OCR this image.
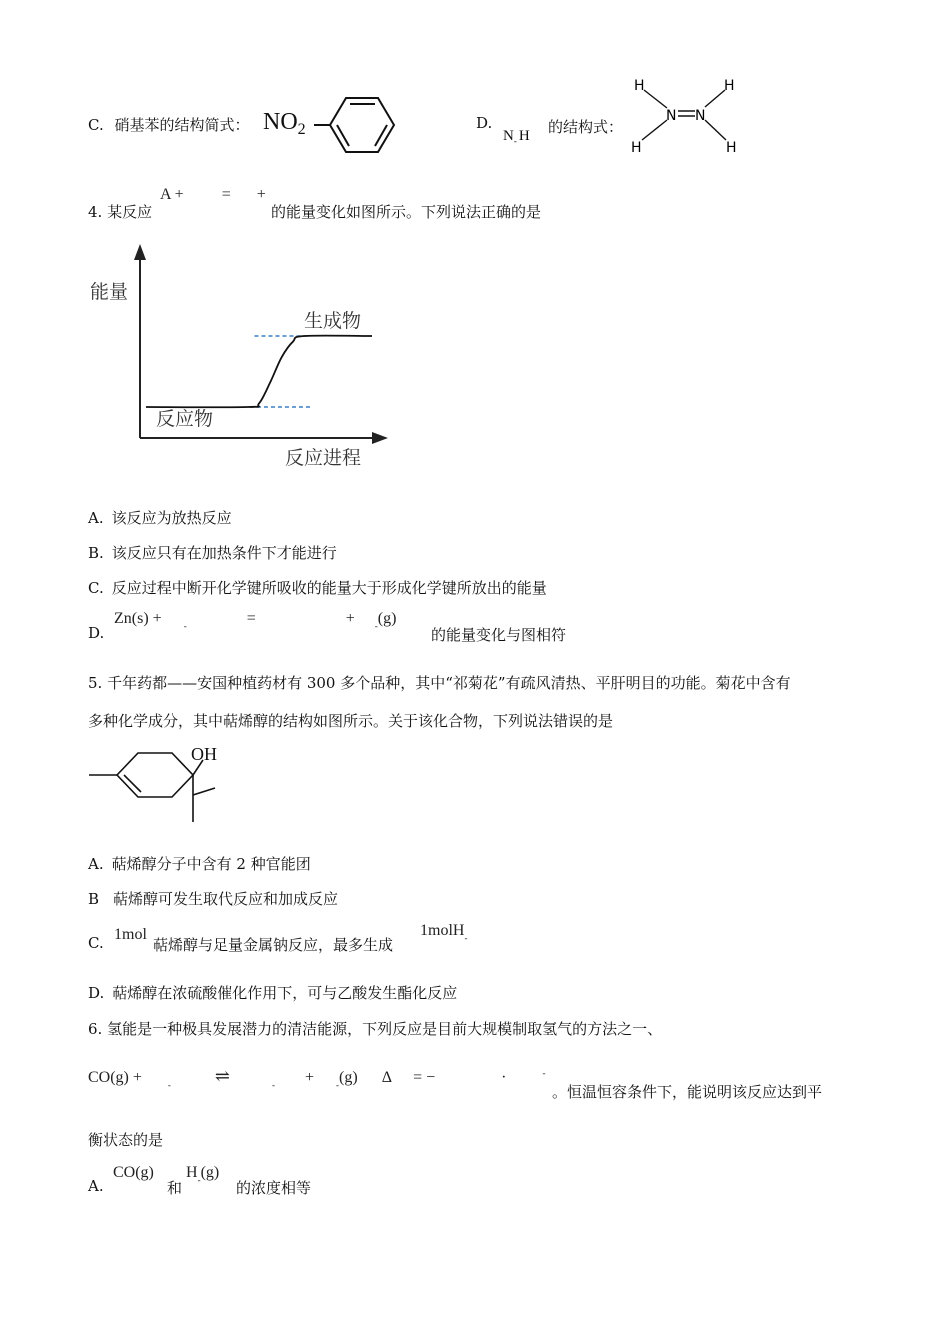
C. 硝基苯的结构简式： $NO_2$	D.
$N_-$ H 的结构式：
H	H
H	H
N N
4. 某反应
A + = +
的能量变化如图所示。下列说法正确的是
能量
反应进程
生成物
反应物
A. 该反应为放热反应
B. 该反应只有在加热条件下才能进行
C. 反应过程中断开化学键所吸收的能量大于形成化学键所放出的能量
D.
Zn(s) + $_-$	=	+ $_-$(g)
的能量变化与图相符
5. 千年药都——安国种植药材有 300 多个品种，其中“祁菊花”有疏风清热、平肝明目的功能。菊花中含有
多种化学成分，其中萜烯醇的结构如图所示。关于该化合物，下列说法错误的是
OH
A. 萜烯醇分子中含有 2 种官能团
B 萜烯醇可发生取代反应和加成反应
C. 1mol
萜烯醇与足量金属钠反应，最多生成
1molH$_-$
D. 萜烯醇在浓硫酸催化作用下，可与乙酸发生酯化反应
6. 氢能是一种极具发展潜力的清洁能源，下列反应是目前大规模制取氢气的方法之一、
CO(g) +	$_-$ ⇌	$_-$ + $_-$(g) Δ = −	·	-
。恒温恒容条件下，能说明该反应达到平
衡状态的是
A.
CO(g)
和
$H_-(g)$
的浓度相等
